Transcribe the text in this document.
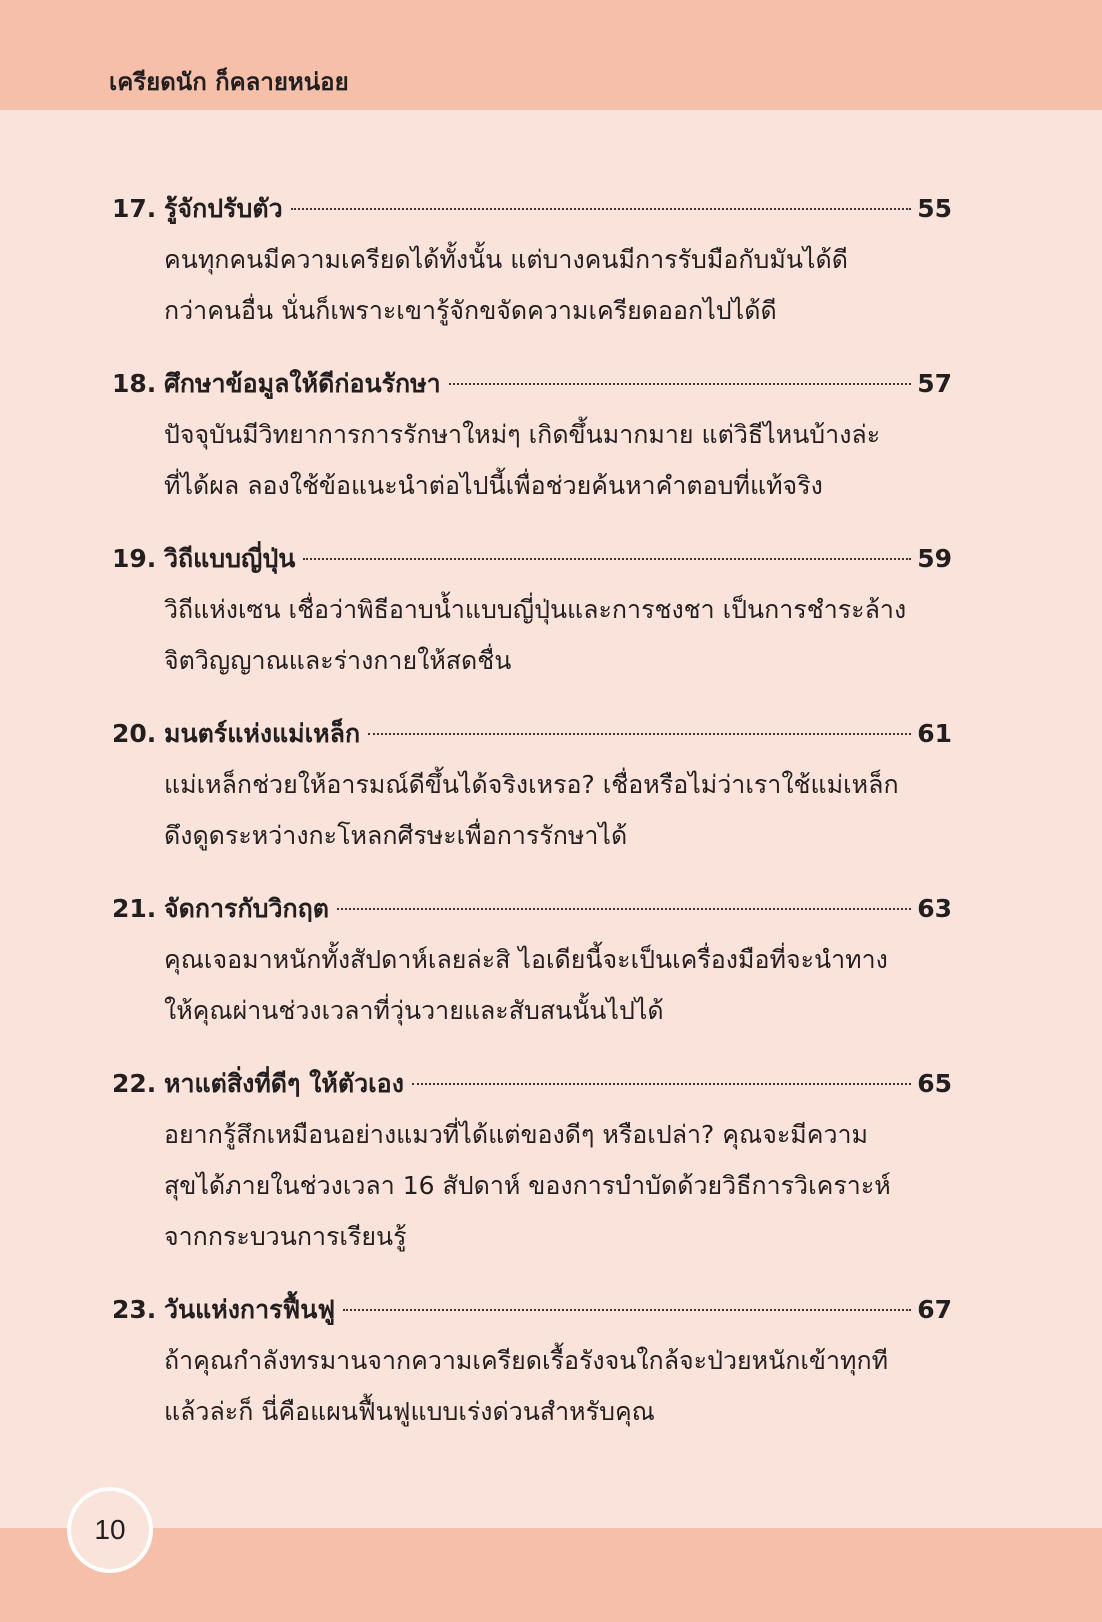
เครียดนัก ก็คลายหน่อย
17. รู้จักปรับตัว	55
คนทุกคนมีความเครียดได้ทั้งนั้น แต่บางคนมีการรับมือกับมันได้ดี
กว่าคนอื่น นั่นก็เพราะเขารู้จักขจัดความเครียดออกไปได้ดี
18. ศึกษาข้อมูลให้ดีก่อนรักษา	57
ปัจจุบันมีวิทยาการการรักษาใหม่ๆ เกิดขึ้นมากมาย แต่วิธีไหนบ้างล่ะ
ที่ได้ผล ลองใช้ข้อแนะนำต่อไปนี้เพื่อช่วยค้นหาคำตอบที่แท้จริง
19. วิถีแบบญี่ปุ่น	59
วิถีแห่งเซน เชื่อว่าพิธีอาบน้ำแบบญี่ปุ่นและการชงชา เป็นการชำระล้าง
จิตวิญญาณและร่างกายให้สดชื่น
20. มนตร์แห่งแม่เหล็ก	61
แม่เหล็กช่วยให้อารมณ์ดีขึ้นได้จริงเหรอ? เชื่อหรือไม่ว่าเราใช้แม่เหล็ก
ดึงดูดระหว่างกะโหลกศีรษะเพื่อการรักษาได้
21. จัดการกับวิกฤต	63
คุณเจอมาหนักทั้งสัปดาห์เลยล่ะสิ ไอเดียนี้จะเป็นเครื่องมือที่จะนำทาง
ให้คุณผ่านช่วงเวลาที่วุ่นวายและสับสนนั้นไปได้
22. หาแต่สิ่งที่ดีๆ ให้ตัวเอง	65
อยากรู้สึกเหมือนอย่างแมวที่ได้แต่ของดีๆ หรือเปล่า? คุณจะมีความ
สุขได้ภายในช่วงเวลา 16 สัปดาห์ ของการบำบัดด้วยวิธีการวิเคราะห์
จากกระบวนการเรียนรู้
23. วันแห่งการฟื้นฟู	67
ถ้าคุณกำลังทรมานจากความเครียดเรื้อรังจนใกล้จะป่วยหนักเข้าทุกที
แล้วล่ะก็ นี่คือแผนฟื้นฟูแบบเร่งด่วนสำหรับคุณ
10
